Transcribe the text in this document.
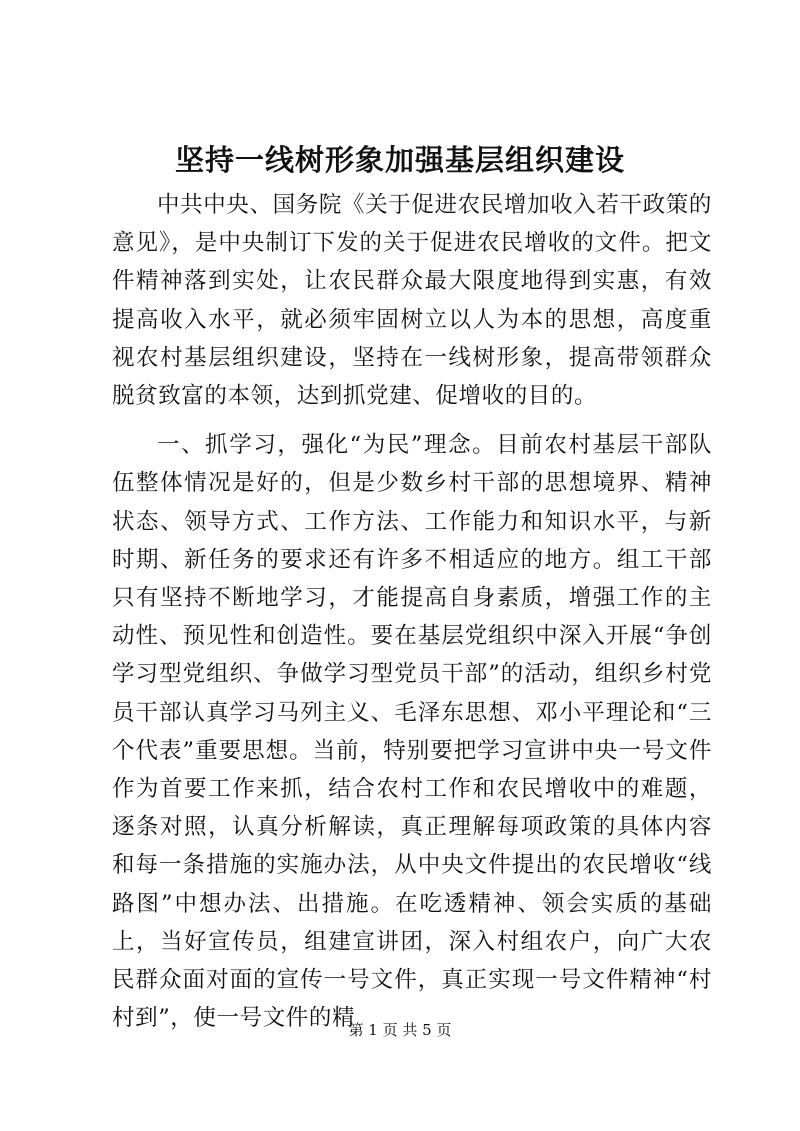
坚持一线树形象加强基层组织建设

中共中央、国务院《关于促进农民增加收入若干政策的意见》，是中央制订下发的关于促进农民增收的文件。把文件精神落到实处，让农民群众最大限度地得到实惠，有效提高收入水平，就必须牢固树立以人为本的思想，高度重视农村基层组织建设，坚持在一线树形象，提高带领群众脱贫致富的本领，达到抓党建、促增收的目的。

一、抓学习，强化“为民”理念。目前农村基层干部队伍整体情况是好的，但是少数乡村干部的思想境界、精神状态、领导方式、工作方法、工作能力和知识水平，与新时期、新任务的要求还有许多不相适应的地方。组工干部只有坚持不断地学习，才能提高自身素质，增强工作的主动性、预见性和创造性。要在基层党组织中深入开展“争创学习型党组织、争做学习型党员干部”的活动，组织乡村党员干部认真学习马列主义、毛泽东思想、邓小平理论和“三个代表”重要思想。当前，特别要把学习宣讲中央一号文件作为首要工作来抓，结合农村工作和农民增收中的难题，逐条对照，认真分析解读，真正理解每项政策的具体内容和每一条措施的实施办法，从中央文件提出的农民增收“线路图”中想办法、出措施。在吃透精神、领会实质的基础上，当好宣传员，组建宣讲团，深入村组农户，向广大农民群众面对面的宣传一号文件，真正实现一号文件精神“村村到”，使一号文件的精

第 1 页 共 5 页
